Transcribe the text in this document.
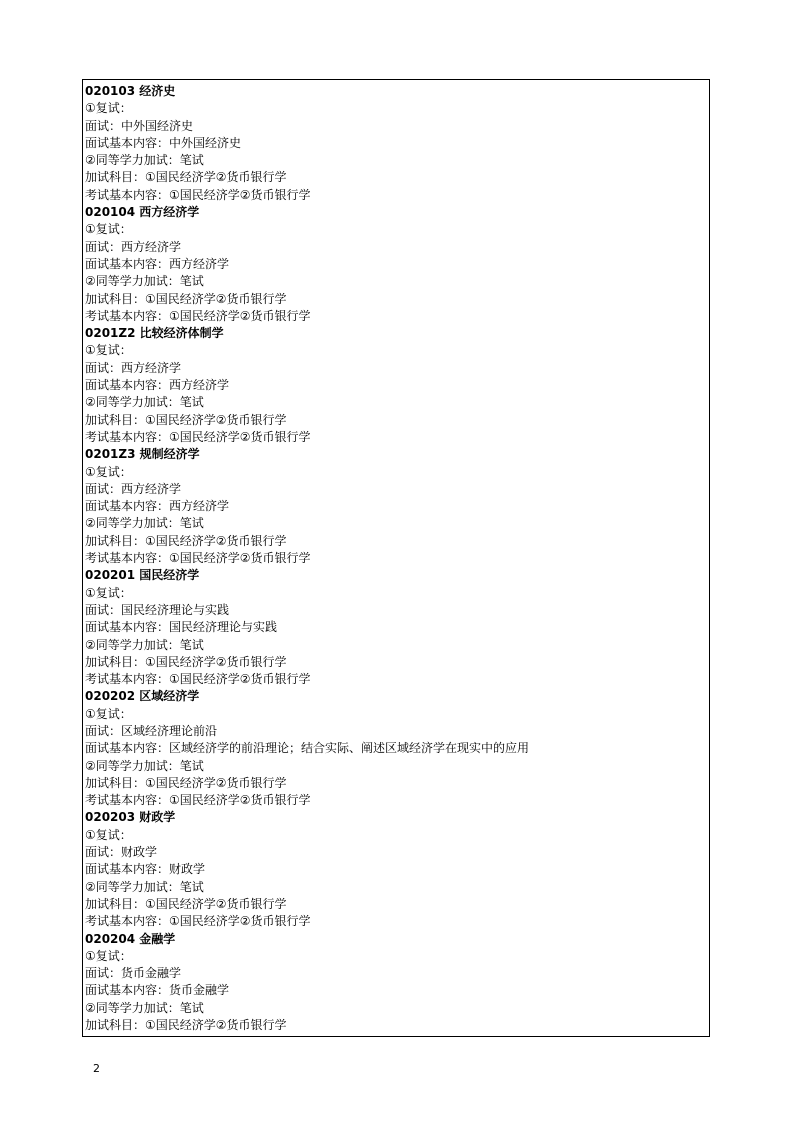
020103 经济史
①复试：
面试：中外国经济史
面试基本内容：中外国经济史
②同等学力加试：笔试
加试科目：①国民经济学②货币银行学
考试基本内容：①国民经济学②货币银行学
020104 西方经济学
①复试：
面试：西方经济学
面试基本内容：西方经济学
②同等学力加试：笔试
加试科目：①国民经济学②货币银行学
考试基本内容：①国民经济学②货币银行学
0201Z2 比较经济体制学
①复试：
面试：西方经济学
面试基本内容：西方经济学
②同等学力加试：笔试
加试科目：①国民经济学②货币银行学
考试基本内容：①国民经济学②货币银行学
0201Z3 规制经济学
①复试：
面试：西方经济学
面试基本内容：西方经济学
②同等学力加试：笔试
加试科目：①国民经济学②货币银行学
考试基本内容：①国民经济学②货币银行学
020201 国民经济学
①复试：
面试：国民经济理论与实践
面试基本内容：国民经济理论与实践
②同等学力加试：笔试
加试科目：①国民经济学②货币银行学
考试基本内容：①国民经济学②货币银行学
020202 区域经济学
①复试：
面试：区域经济理论前沿
面试基本内容：区域经济学的前沿理论；结合实际、阐述区域经济学在现实中的应用
②同等学力加试：笔试
加试科目：①国民经济学②货币银行学
考试基本内容：①国民经济学②货币银行学
020203 财政学
①复试：
面试：财政学
面试基本内容：财政学
②同等学力加试：笔试
加试科目：①国民经济学②货币银行学
考试基本内容：①国民经济学②货币银行学
020204 金融学
①复试：
面试：货币金融学
面试基本内容：货币金融学
②同等学力加试：笔试
加试科目：①国民经济学②货币银行学
2
